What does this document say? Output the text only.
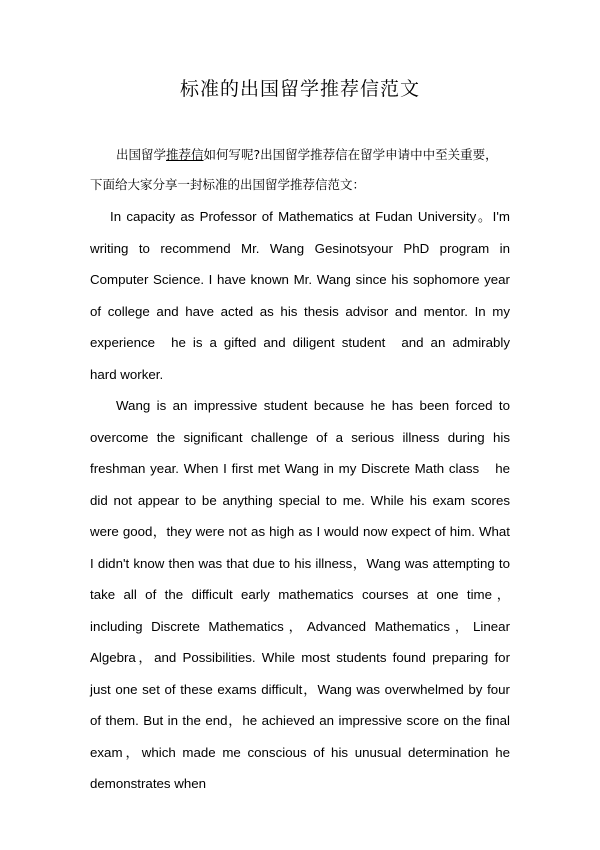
标准的出国留学推荐信范文
出国留学推荐信如何写呢?出国留学推荐信在留学申请中中至关重要，下面给大家分享一封标准的出国留学推荐信范文：
In capacity as Professor of Mathematics at Fudan University。I'm writing to recommend Mr. Wang Gesinotsyour PhD program in Computer Science. I have known Mr. Wang since his sophomore year of college and have acted as his thesis advisor and mentor. In my experience he is a gifted and diligent student and an admirably hard worker.
Wang is an impressive student because he has been forced to overcome the significant challenge of a serious illness during his freshman year. When I first met Wang in my Discrete Math class he did not appear to be anything special to me. While his exam scores were good，they were not as high as I would now expect of him. What I didn't know then was that due to his illness，Wang was attempting to take all of the difficult early mathematics courses at one time，including Discrete Mathematics，Advanced Mathematics，Linear Algebra，and Possibilities. While most students found preparing for just one set of these exams difficult，Wang was overwhelmed by four of them. But in the end，he achieved an impressive score on the final exam，which made me conscious of his unusual determination he demonstrates when
